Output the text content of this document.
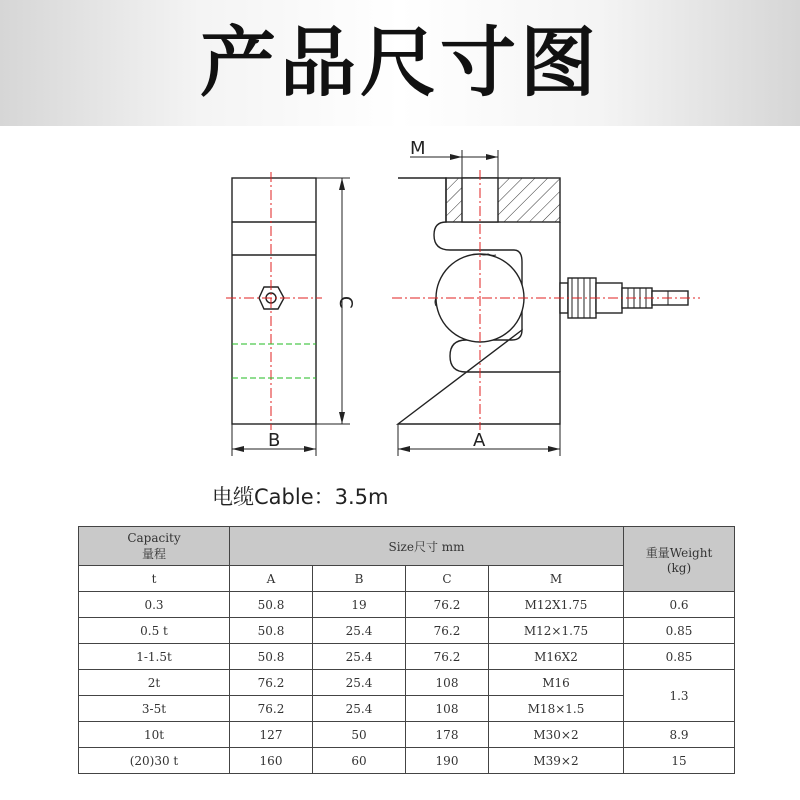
产品尺寸图
C
B
M
A
电缆Cable：3.5m
Capacity
量程	Size尺寸 mm				重量Weight
(kg)
t	A	B	C	M	
0.3	50.8	19	76.2	M12X1.75	0.6
0.5 t	50.8	25.4	76.2	M12×1.75	0.85
1-1.5t	50.8	25.4	76.2	M16X2	0.85
2t	76.2	25.4	108	M16	1.3
3-5t	76.2	25.4	108	M18×1.5	
10t	127	50	178	M30×2	8.9
(20)30 t	160	60	190	M39×2	15
